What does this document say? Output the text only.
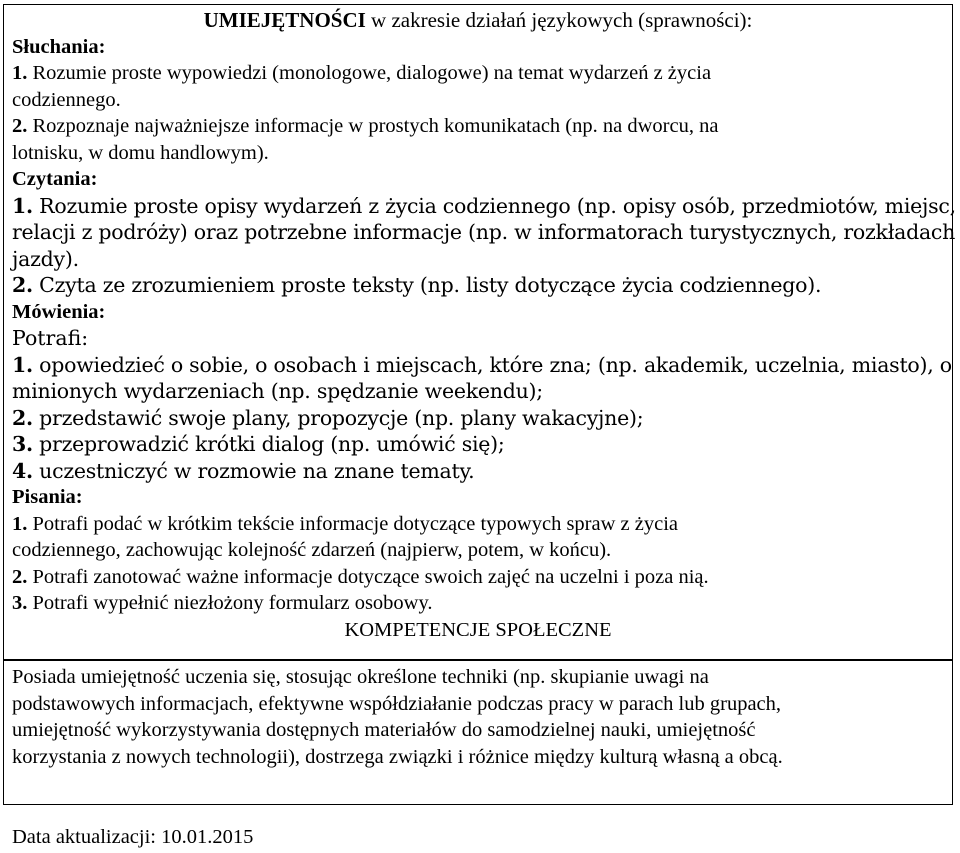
UMIEJĘTNOŚCI w zakresie działań językowych (sprawności):
Słuchania:
1. Rozumie proste wypowiedzi (monologowe, dialogowe) na temat wydarzeń z życia
codziennego.
2. Rozpoznaje najważniejsze informacje w prostych komunikatach (np. na dworcu, na
lotnisku, w domu handlowym).
Czytania:
1. Rozumie proste opisy wydarzeń z życia codziennego (np. opisy osób, przedmiotów, miejsc,
relacji z podróży) oraz potrzebne informacje (np. w informatorach turystycznych, rozkładach
jazdy).
2. Czyta ze zrozumieniem proste teksty (np. listy dotyczące życia codziennego).
Mówienia:
Potrafi:
1. opowiedzieć o sobie, o osobach i miejscach, które zna; (np. akademik, uczelnia, miasto), o
minionych wydarzeniach (np. spędzanie weekendu);
2. przedstawić swoje plany, propozycje (np. plany wakacyjne);
3. przeprowadzić krótki dialog (np. umówić się);
4. uczestniczyć w rozmowie na znane tematy.
Pisania:
1. Potrafi podać w krótkim tekście informacje dotyczące typowych spraw z życia
codziennego, zachowując kolejność zdarzeń (najpierw, potem, w końcu).
2. Potrafi zanotować ważne informacje dotyczące swoich zajęć na uczelni i poza nią.
3. Potrafi wypełnić niezłożony formularz osobowy.
KOMPETENCJE SPOŁECZNE
Posiada umiejętność uczenia się, stosując określone techniki (np. skupianie uwagi na
podstawowych informacjach, efektywne współdziałanie podczas pracy w parach lub grupach,
umiejętność wykorzystywania dostępnych materiałów do samodzielnej nauki, umiejętność
korzystania z nowych technologii), dostrzega związki i różnice między kulturą własną a obcą.
Data aktualizacji: 10.01.2015
